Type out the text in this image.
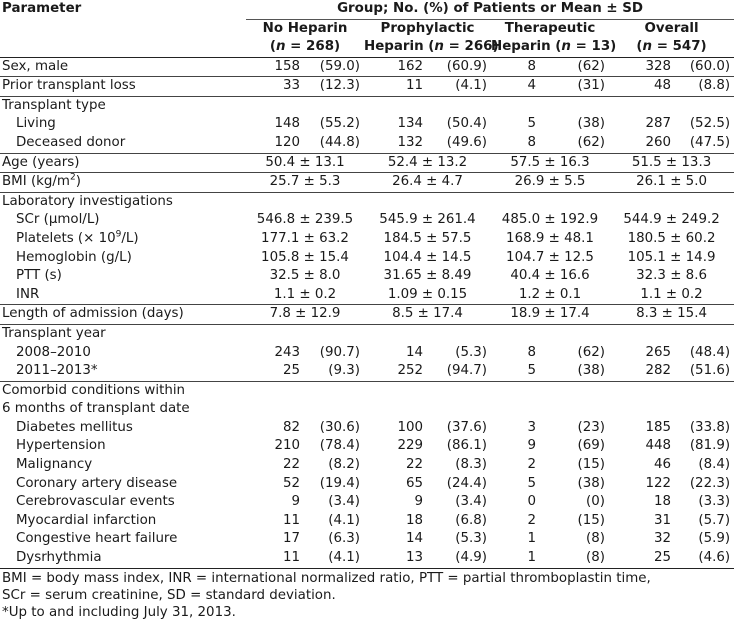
Parameter	Group; No. (%) of Patients or Mean ± SD							
	No Heparin		Prophylactic		Therapeutic		Overall	
	(n = 268)		Heparin (n = 266)		Heparin (n = 13)		(n = 547)	
Sex, male	158	(59.0)	162	(60.9)	8	(62)	328	(60.0)
Prior transplant loss	33	(12.3)	11	(4.1)	4	(31)	48	(8.8)
Transplant type								
Living	148	(55.2)	134	(50.4)	5	(38)	287	(52.5)
Deceased donor	120	(44.8)	132	(49.6)	8	(62)	260	(47.5)
Age (years)	50.4 ± 13.1		52.4 ± 13.2		57.5 ± 16.3		51.5 ± 13.3	
BMI $(kg/m^2)$	25.7 ± 5.3		26.4 ± 4.7		26.9 ± 5.5		26.1 ± 5.0	
Laboratory investigations								
SCr (μmol/L)	546.8 ± 239.5		545.9 ± 261.4		485.0 ± 192.9		544.9 ± 249.2	
Platelets (× $10^9/L$)	177.1 ± 63.2		184.5 ± 57.5		168.9 ± 48.1		180.5 ± 60.2	
Hemoglobin (g/L)	105.8 ± 15.4		104.4 ± 14.5		104.7 ± 12.5		105.1 ± 14.9	
PTT (s)	32.5 ± 8.0		31.65 ± 8.49		40.4 ± 16.6		32.3 ± 8.6	
INR	1.1 ± 0.2		1.09 ± 0.15		1.2 ± 0.1		1.1 ± 0.2	
Length of admission (days)	7.8 ± 12.9		8.5 ± 17.4		18.9 ± 17.4		8.3 ± 15.4	
Transplant year								
2008–2010	243	(90.7)	14	(5.3)	8	(62)	265	(48.4)
2011–2013*	25	(9.3)	252	(94.7)	5	(38)	282	(51.6)
Comorbid conditions within								
6 months of transplant date								
Diabetes mellitus	82	(30.6)	100	(37.6)	3	(23)	185	(33.8)
Hypertension	210	(78.4)	229	(86.1)	9	(69)	448	(81.9)
Malignancy	22	(8.2)	22	(8.3)	2	(15)	46	(8.4)
Coronary artery disease	52	(19.4)	65	(24.4)	5	(38)	122	(22.3)
Cerebrovascular events	9	(3.4)	9	(3.4)	0	(0)	18	(3.3)
Myocardial infarction	11	(4.1)	18	(6.8)	2	(15)	31	(5.7)
Congestive heart failure	17	(6.3)	14	(5.3)	1	(8)	32	(5.9)
Dysrhythmia	11	(4.1)	13	(4.9)	1	(8)	25	(4.6)
BMI = body mass index, INR = international normalized ratio, PTT = partial thromboplastin time,
SCr = serum creatinine, SD = standard deviation.
*Up to and including July 31, 2013.
